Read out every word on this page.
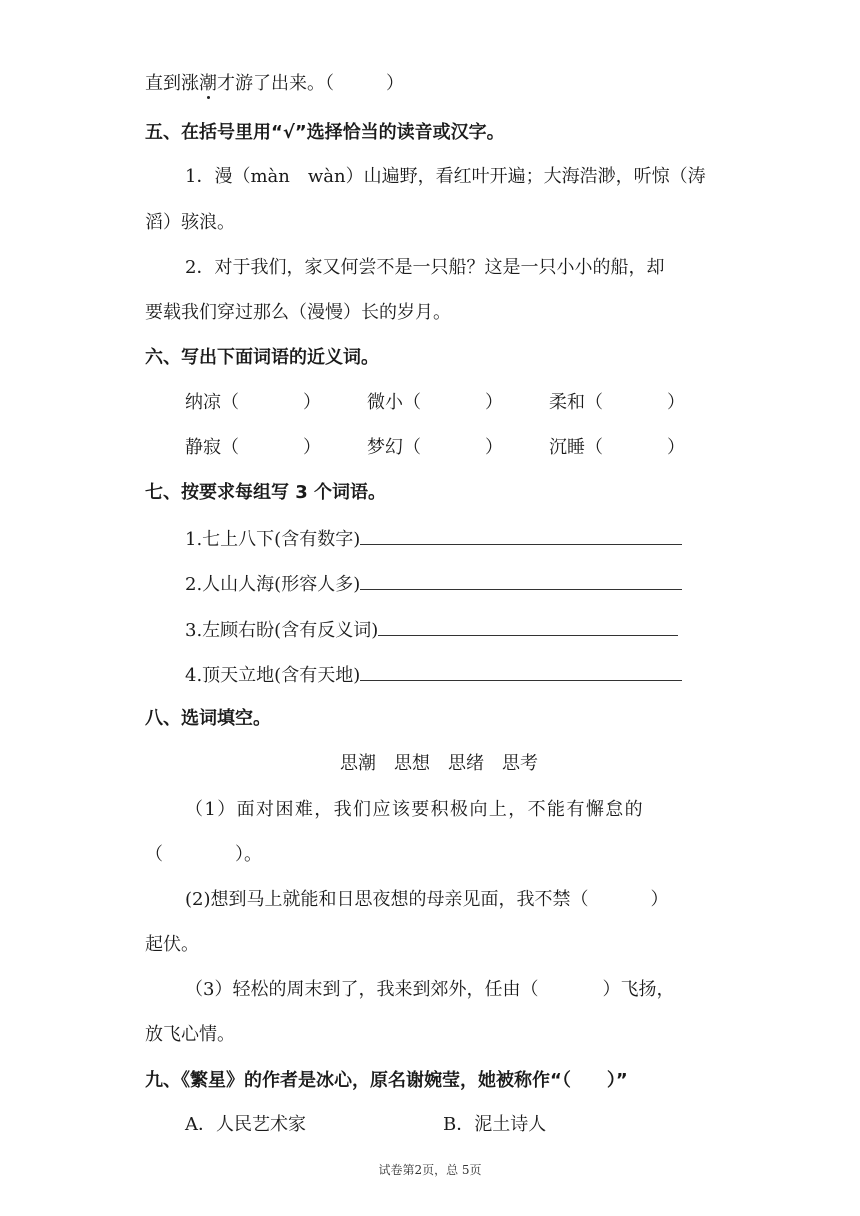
直到涨潮才游了出来。（	）
五、在括号里用“√”选择恰当的读音或汉字。
1．漫（màn　wàn）山遍野，看红叶开遍；大海浩渺，听惊（涛
滔）骇浪。
2．对于我们，家又何尝不是一只船？这是一只小小的船，却
要载我们穿过那么（漫慢）长的岁月。
六、写出下面词语的近义词。
纳凉（	）	微小（	）	柔和（	）
静寂（	）	梦幻（	）	沉睡（	）
七、按要求每组写 3 个词语。
1.七上八下(含有数字)
2.人山人海(形容人多)
3.左顾右盼(含有反义词)
4.顶天立地(含有天地)
八、选词填空。
思潮　思想　思绪　思考
（1）面对困难，我们应该要积极向上，不能有懈怠的
（　　　　）。
(2)想到马上就能和日思夜想的母亲见面，我不禁（	）
起伏。
（3）轻松的周末到了，我来到郊外，任由（	）飞扬，
放飞心情。
九、《繁星》的作者是冰心，原名谢婉莹，她被称作“（　　）”
A．人民艺术家	B．泥土诗人
试卷第2页，总 5页
